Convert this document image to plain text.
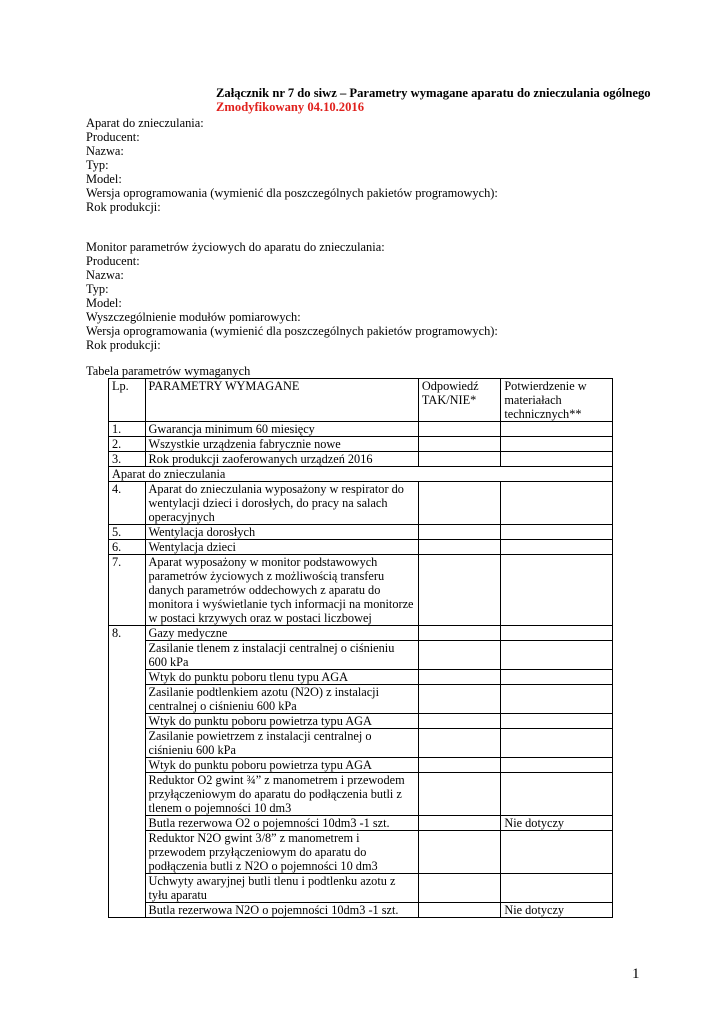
Załącznik nr 7 do siwz – Parametry wymagane aparatu do znieczulania ogólnego
Zmodyfikowany 04.10.2016
Aparat do znieczulania:
Producent:
Nazwa:
Typ:
Model:
Wersja oprogramowania (wymienić dla poszczególnych pakietów programowych):
Rok produkcji:
Monitor parametrów życiowych do aparatu do znieczulania:
Producent:
Nazwa:
Typ:
Model:
Wyszczególnienie modułów pomiarowych:
Wersja oprogramowania (wymienić dla poszczególnych pakietów programowych):
Rok produkcji:
Tabela parametrów wymaganych
Lp.	PARAMETRY WYMAGANE	Odpowiedź TAK/NIE*	Potwierdzenie w materiałach technicznych**
1.	Gwarancja minimum 60 miesięcy		
2.	Wszystkie urządzenia fabrycznie nowe		
3.	Rok produkcji zaoferowanych urządzeń 2016		
Aparat do znieczulania			
4.	Aparat do znieczulania wyposażony w respirator do wentylacji dzieci i dorosłych, do pracy na salach operacyjnych		
5.	Wentylacja dorosłych		
6.	Wentylacja dzieci		
7.	Aparat wyposażony w monitor podstawowych parametrów życiowych z możliwością transferu danych parametrów oddechowych z aparatu do monitora i wyświetlanie tych informacji na monitorze w postaci krzywych oraz w postaci liczbowej		
8.	Gazy medyczne		
	Zasilanie tlenem z instalacji centralnej o ciśnieniu 600 kPa		
	Wtyk do punktu poboru tlenu typu AGA		
	Zasilanie podtlenkiem azotu (N2O) z instalacji centralnej o ciśnieniu 600 kPa		
	Wtyk do punktu poboru powietrza typu AGA		
	Zasilanie powietrzem z instalacji centralnej o ciśnieniu 600 kPa		
	Wtyk do punktu poboru powietrza typu AGA		
	Reduktor O2 gwint ¾” z manometrem i przewodem przyłączeniowym do aparatu do podłączenia butli z tlenem o pojemności 10 dm3		
	Butla rezerwowa O2 o pojemności 10dm3 -1 szt.		Nie dotyczy
	Reduktor N2O gwint 3/8” z manometrem i przewodem przyłączeniowym do aparatu do podłączenia butli z N2O o pojemności 10 dm3		
	Uchwyty awaryjnej butli tlenu i podtlenku azotu z tyłu aparatu		
	Butla rezerwowa N2O o pojemności 10dm3 -1 szt.		Nie dotyczy
1
